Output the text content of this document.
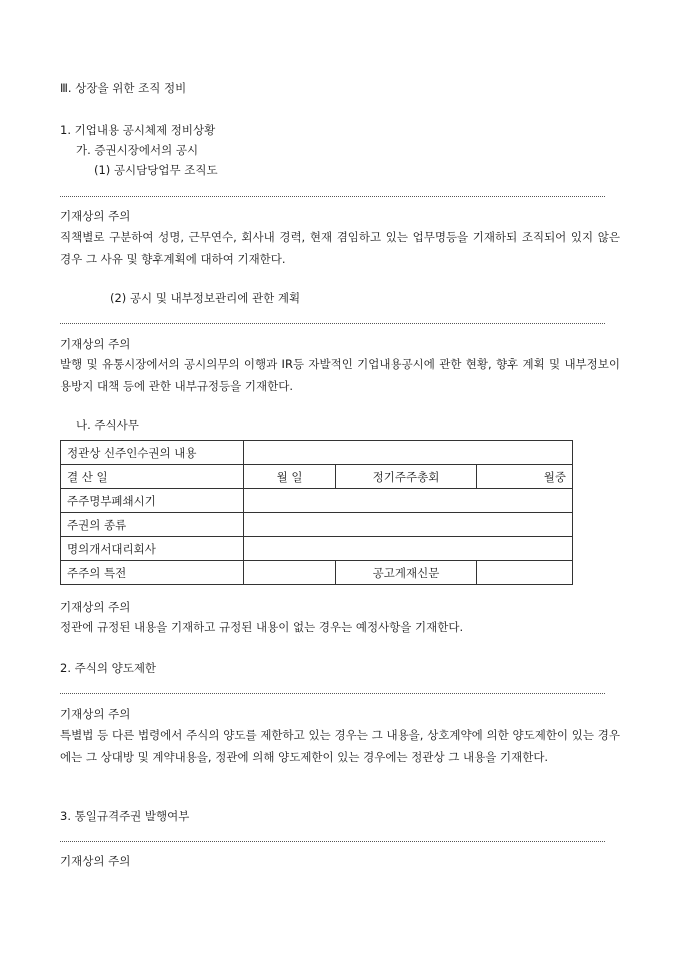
Ⅲ. 상장을 위한 조직 정비
1. 기업내용 공시체제 정비상황
가. 증권시장에서의 공시
(1) 공시담당업무 조직도
기재상의 주의
직책별로 구분하여 성명, 근무연수, 회사내 경력, 현재 겸임하고 있는 업무명등을 기재하되 조직되어 있지 않은 경우 그 사유 및 향후계획에 대하여 기재한다.
(2) 공시 및 내부정보관리에 관한 계획
기재상의 주의
발행 및 유통시장에서의 공시의무의 이행과 IR등 자발적인 기업내용공시에 관한 현황, 향후 계획 및 내부정보이용방지 대책 등에 관한 내부규정등을 기재한다.
나. 주식사무
정관상 신주인수권의 내용			
결 산 일	월 일	정기주주총회	월중
주주명부폐쇄시기			
주권의 종류			
명의개서대리회사			
주주의 특전		공고게재신문	
기재상의 주의
정관에 규정된 내용을 기재하고 규정된 내용이 없는 경우는 예정사항을 기재한다.
2. 주식의 양도제한
기재상의 주의
특별법 등 다른 법령에서 주식의 양도를 제한하고 있는 경우는 그 내용을, 상호계약에 의한 양도제한이 있는 경우에는 그 상대방 및 계약내용을, 정관에 의해 양도제한이 있는 경우에는 정관상 그 내용을 기재한다.
3. 통일규격주권 발행여부
기재상의 주의
